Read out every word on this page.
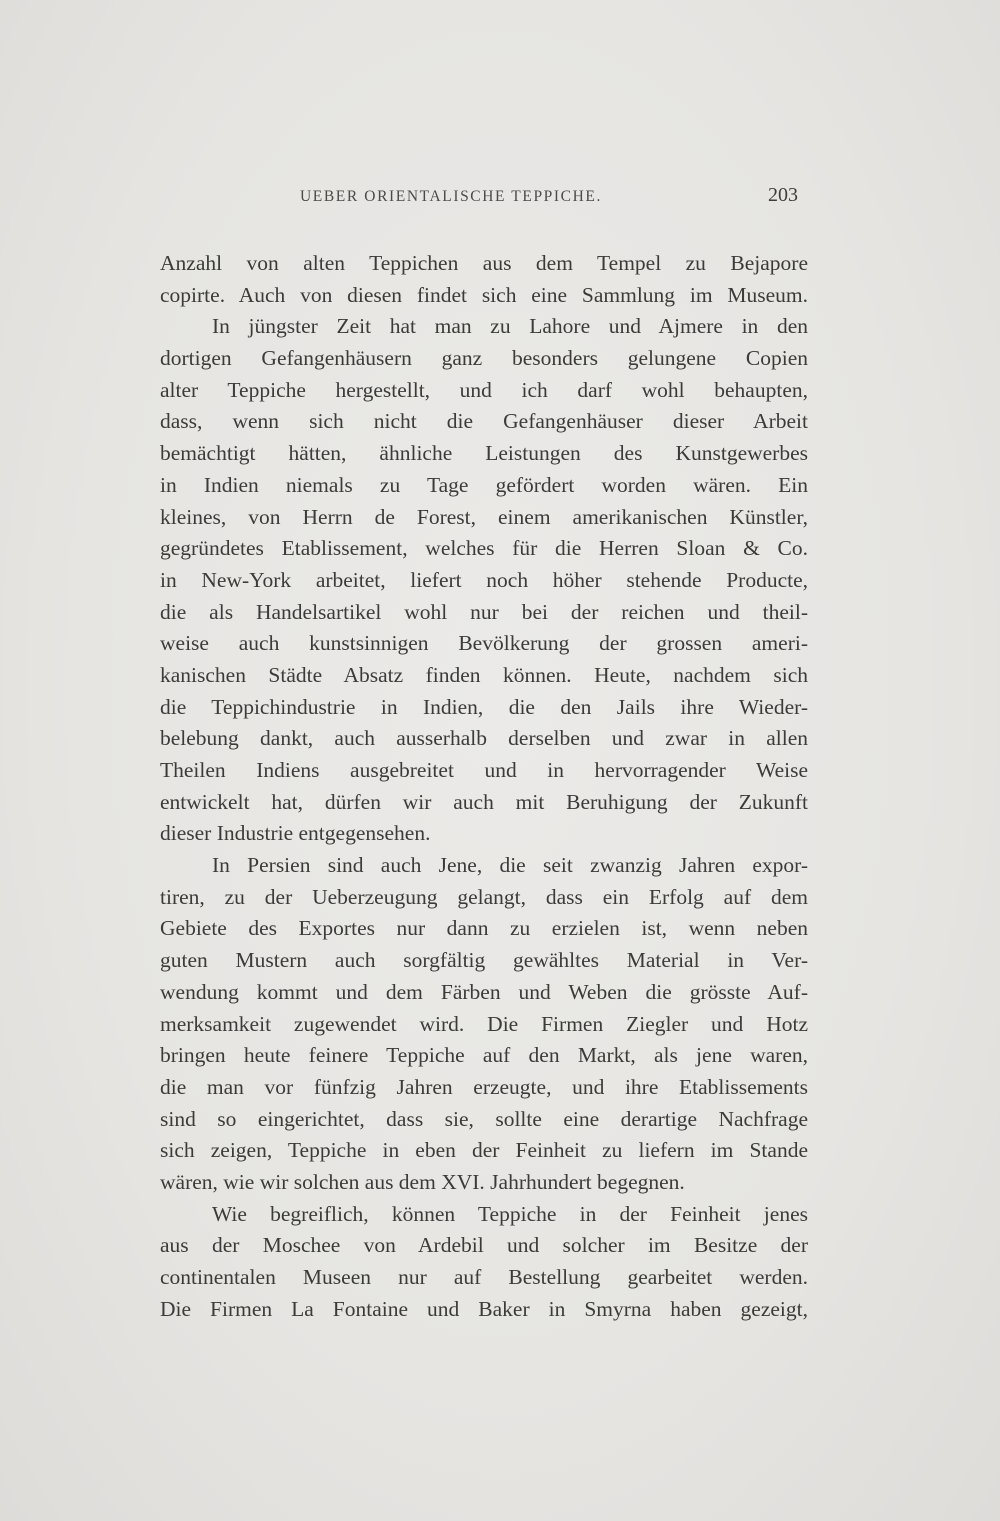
UEBER ORIENTALISCHE TEPPICHE.	203
Anzahl von alten Teppichen aus dem Tempel zu Bejapore
copirte. Auch von diesen findet sich eine Sammlung im Museum.
In jüngster Zeit hat man zu Lahore und Ajmere in den
dortigen Gefangenhäusern ganz besonders gelungene Copien
alter Teppiche hergestellt, und ich darf wohl behaupten,
dass, wenn sich nicht die Gefangenhäuser dieser Arbeit
bemächtigt hätten, ähnliche Leistungen des Kunstgewerbes
in Indien niemals zu Tage gefördert worden wären. Ein
kleines, von Herrn de Forest, einem amerikanischen Künstler,
gegründetes Etablissement, welches für die Herren Sloan & Co.
in New-York arbeitet, liefert noch höher stehende Producte,
die als Handelsartikel wohl nur bei der reichen und theil-
weise auch kunstsinnigen Bevölkerung der grossen ameri-
kanischen Städte Absatz finden können. Heute, nachdem sich
die Teppichindustrie in Indien, die den Jails ihre Wieder-
belebung dankt, auch ausserhalb derselben und zwar in allen
Theilen Indiens ausgebreitet und in hervorragender Weise
entwickelt hat, dürfen wir auch mit Beruhigung der Zukunft
dieser Industrie entgegensehen.
In Persien sind auch Jene, die seit zwanzig Jahren expor-
tiren, zu der Ueberzeugung gelangt, dass ein Erfolg auf dem
Gebiete des Exportes nur dann zu erzielen ist, wenn neben
guten Mustern auch sorgfältig gewähltes Material in Ver-
wendung kommt und dem Färben und Weben die grösste Auf-
merksamkeit zugewendet wird. Die Firmen Ziegler und Hotz
bringen heute feinere Teppiche auf den Markt, als jene waren,
die man vor fünfzig Jahren erzeugte, und ihre Etablissements
sind so eingerichtet, dass sie, sollte eine derartige Nachfrage
sich zeigen, Teppiche in eben der Feinheit zu liefern im Stande
wären, wie wir solchen aus dem XVI. Jahrhundert begegnen.
Wie begreiflich, können Teppiche in der Feinheit jenes
aus der Moschee von Ardebil und solcher im Besitze der
continentalen Museen nur auf Bestellung gearbeitet werden.
Die Firmen La Fontaine und Baker in Smyrna haben gezeigt,
